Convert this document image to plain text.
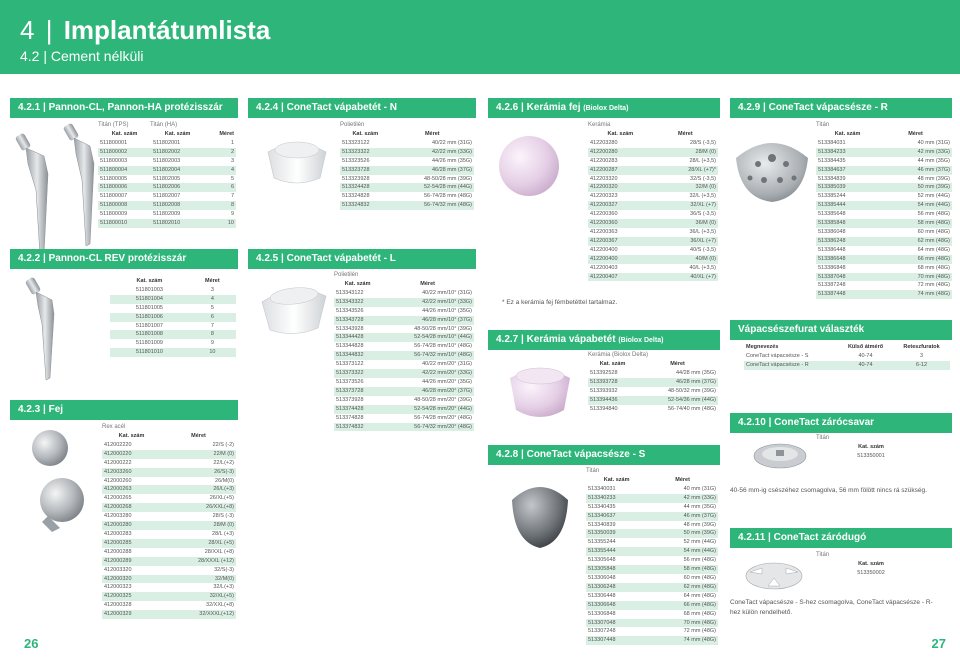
4 | Implantátumlista
4.2 | Cement nélküli
4.2.1 | Pannon-CL, Pannon-HA protézisszár
Titán (TPS)	Titán (HA)
Kat. szám	Kat. szám	Méret
511800001	511802001	1
511800002	511802002	2
511800003	511802003	3
511800004	511802004	4
511800005	511802005	5
511800006	511802006	6
511800007	511802007	7
511800008	511802008	8
511800009	511802009	9
511800010	511802010	10
4.2.2 | Pannon-CL REV protézisszár
Kat. szám	Méret
511801003	3
511801004	4
511801005	5
511801006	6
511801007	7
511801008	8
511801009	9
511801010	10
4.2.3 | Fej
Rex acél
Kat. szám	Méret
412002220	22/S (-2)
412000220	22/M (0)
412000222	22/L(+2)
412003260	26/S(-3)
412000260	26/M(0)
412000263	26/L(+3)
412000265	26/XL(+5)
412000268	26/XXL(+8)
412003280	28/S (-3)
412000280	28/M (0)
412000283	28/L (+3)
412000285	28/XL (+5)
412000288	28/XXL (+8)
412000289	28/XXXL (+12)
412003320	32/S(-3)
412000320	32/M(0)
412000323	32/L(+3)
412000325	32/XL(+5)
412000328	32/XXL(+8)
412000329	32/XXXL(+12)
26
4.2.4 | ConeTact vápabetét - N
Polietilén
Kat. szám	Méret
513323122	40/22 mm (31G)
513323322	42/22 mm (33G)
513323526	44/26 mm (35G)
513323728	46/28 mm (37G)
513323928	48-50/28 mm (39G)
513324428	52-54/28 mm (44G)
513324828	56-74/28 mm (48G)
513324832	56-74/32 mm (48G)
4.2.5 | ConeTact vápabetét - L
Polietilén
Kat. szám	Méret
513343122	40/22 mm/10° (31G)
513343322	42/22 mm/10° (33G)
513343526	44/26 mm/10° (35G)
513343728	46/28 mm/10° (37G)
513343928	48-50/28 mm/10° (39G)
513344428	52-54/28 mm/10° (44G)
513344828	56-74/28 mm/10° (48G)
513344832	56-74/32 mm/10° (48G)
513373122	40/22 mm/20° (31G)
513373322	42/22 mm/20° (33G)
513373526	44/26 mm/20° (35G)
513373728	46/28 mm/20° (37G)
513373928	48-50/28 mm/20° (39G)
513374428	52-54/28 mm/20° (44G)
513374828	56-74/28 mm/20° (48G)
513374832	56-74/32 mm/20° (48G)
4.2.6 | Kerámia fej (Biolox Delta)
Kerámia
Kat. szám	Méret
412203280	28/S (-3,5)
412200280	28/M (0)
412200283	28/L (+3,5)
412200287	28/XL (+7)*
412203320	32/S (-3,5)
412200320	32/M (0)
412200323	32/L (+3,5)
412200327	32/XL (+7)
412200360	36/S (-3,5)
412200360	36/M (0)
412200363	36/L (+3,5)
412200367	36/XL (+7)
412200400	40/S (-3,5)
412200400	40/M (0)
412200403	40/L (+3,5)
412200407	40/XL (+7)
* Ez a kerámia fej fémbetéttel tartalmaz.
4.2.7 | Kerámia vápabetét (Biolox Delta)
Kerámia (Biolox Delta)
Kat. szám	Méret
513392528	44/28 mm (35G)
513393728	46/28 mm (37G)
513393932	48-50/32 mm (39G)
513394436	52-54/36 mm (44G)
513394840	56-74/40 mm (48G)
4.2.8 | ConeTact vápacsésze - S
Titán
Kat. szám	Méret
513340031	40 mm (31G)
513340233	42 mm (33G)
513340435	44 mm (35G)
513340637	46 mm (37G)
513340839	48 mm (39G)
513350039	50 mm (39G)
513355244	52 mm (44G)
513355444	54 mm (44G)
513305648	56 mm (48G)
513305848	58 mm (48G)
513306048	60 mm (48G)
513306248	62 mm (48G)
513306448	64 mm (48G)
513306648	66 mm (48G)
513306848	68 mm (48G)
513307048	70 mm (48G)
513307248	72 mm (48G)
513307448	74 mm (48G)
4.2.9 | ConeTact vápacsésze - R
Titán
Kat. szám	Méret
513384031	40 mm (31G)
513384233	42 mm (33G)
513384435	44 mm (35G)
513384637	46 mm (37G)
513384839	48 mm (39G)
513385039	50 mm (39G)
513385244	52 mm (44G)
513385444	54 mm (44G)
513385648	56 mm (48G)
513385848	58 mm (48G)
513386048	60 mm (48G)
513386248	62 mm (48G)
513386448	64 mm (48G)
513386648	66 mm (48G)
513386848	68 mm (48G)
513387048	70 mm (48G)
513387248	72 mm (48G)
513387448	74 mm (48G)
Vápacsészefurat választék
Megnevezés	Külső átmérő	Reteszfuratok
ConeTact vápacsésze - S	40-74	3
ConeTact vápacsésze - R	40-74	6-12
4.2.10 | ConeTact zárócsavar
Titán
Kat. szám
513350001
40-56 mm-ig csészéhez csomagolva, 56 mm fölött nincs rá szükség.
4.2.11 | ConeTact záródugó
Titán
Kat. szám
513350002
ConeTact vápacsésze - S-hez csomagolva, ConeTact vápacsésze - R-hez külön rendelhető.
27
